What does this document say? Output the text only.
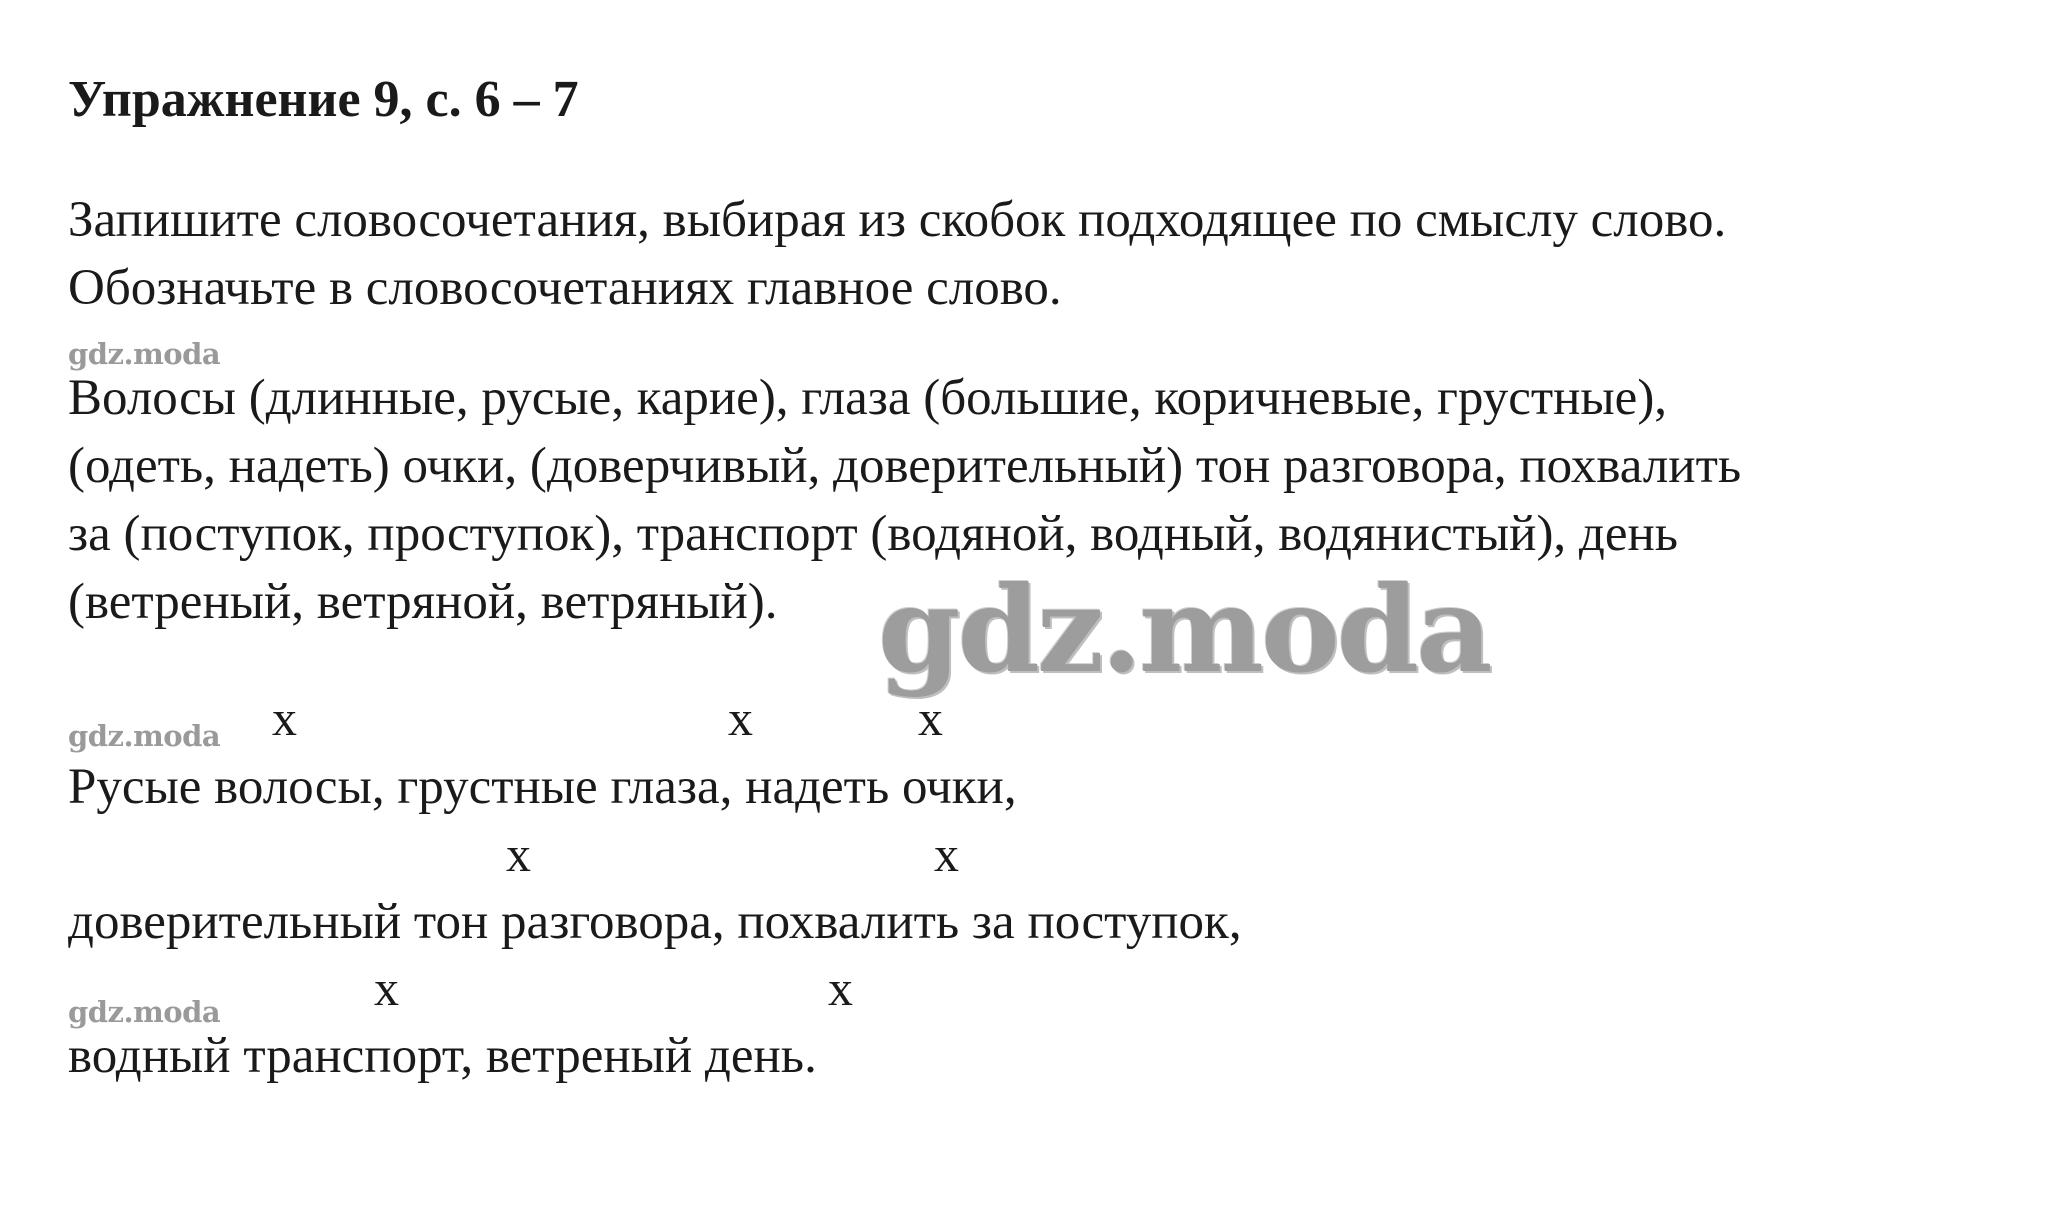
Упражнение 9, с. 6 – 7
Запишите словосочетания, выбирая из скобок подходящее по смыслу слово.
Обозначьте в словосочетаниях главное слово.
gdz.moda
Волосы (длинные, русые, карие), глаза (большие, коричневые, грустные),
(одеть, надеть) очки, (доверчивый, доверительный) тон разговора, похвалить
за (поступок, проступок), транспорт (водяной, водный, водянистый), день
(ветреный, ветряной, ветряный). gdz.moda
gdz.moda x	x	x
Русые волосы, грустные глаза, надеть очки,
x	x
доверительный тон разговора, похвалить за поступок,
gdz.moda	x	x
водный транспорт, ветреный день.
